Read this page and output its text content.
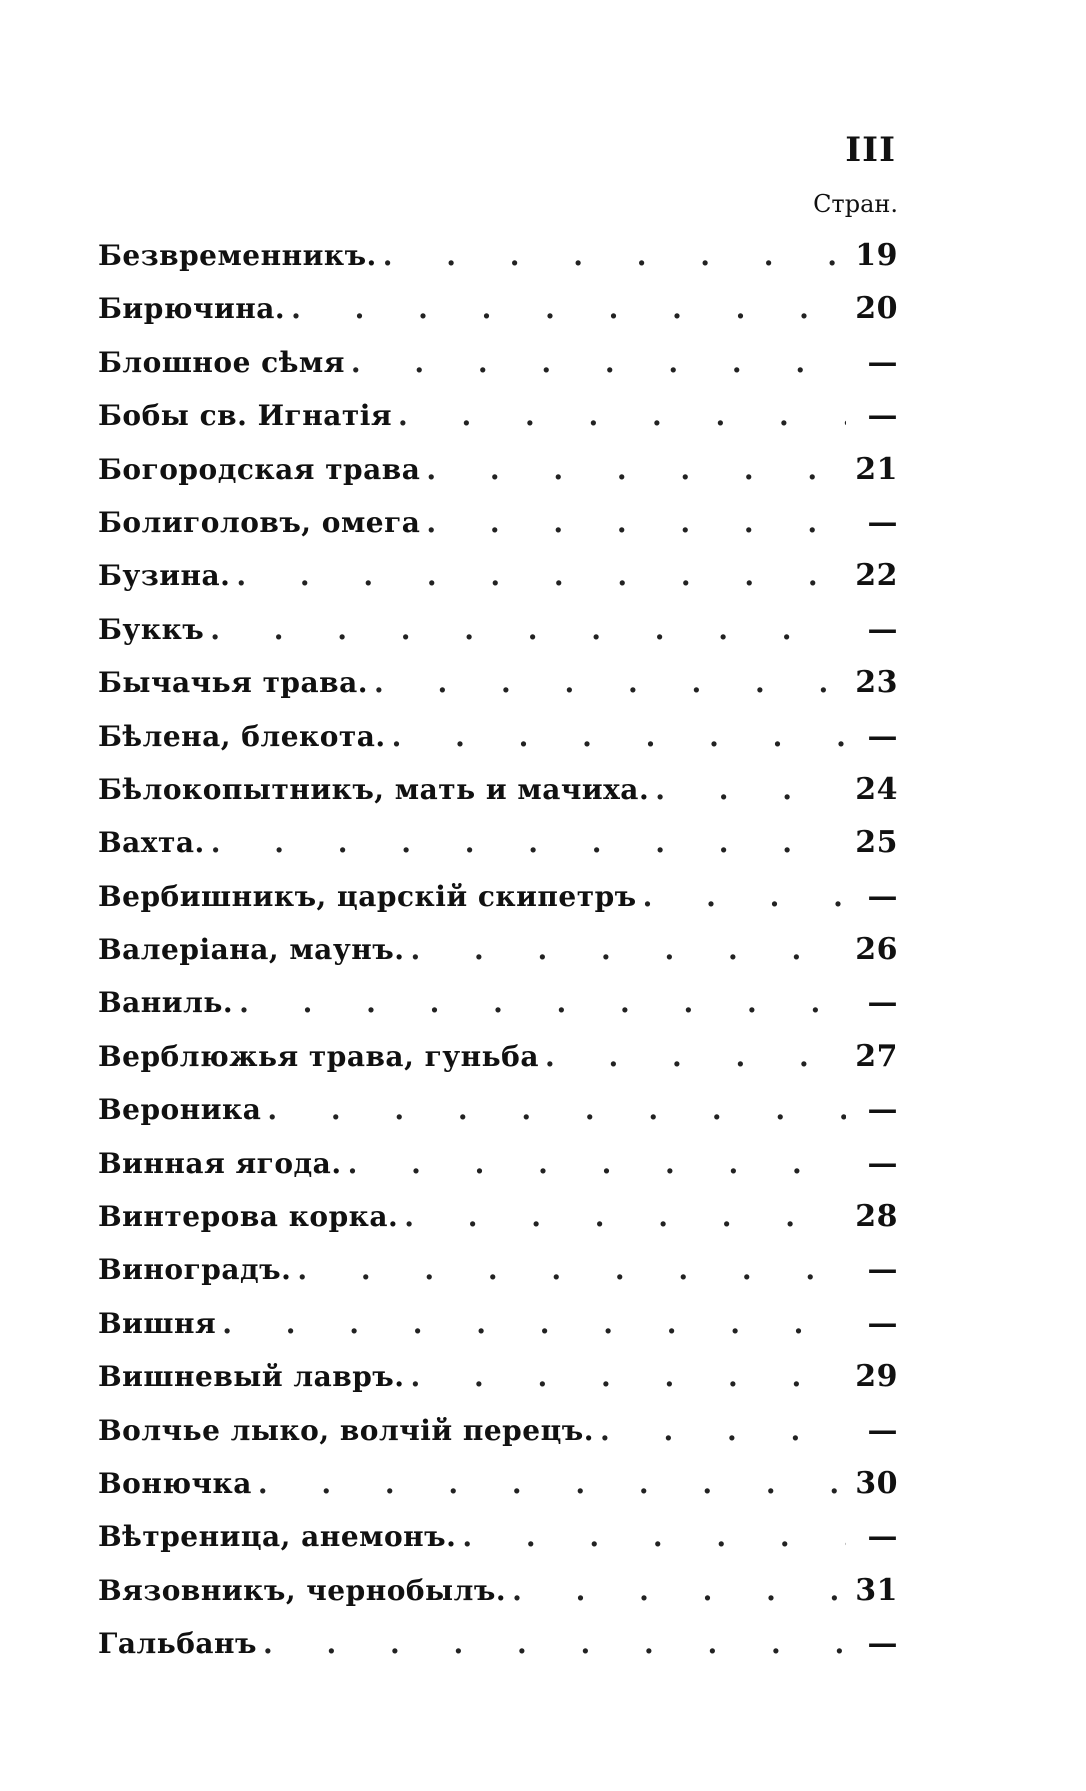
III
Стран.
Безвременникъ. . . .	19
Бирючина. . . .	20
Блошное сѣмя . . .	—
Бобы св. Игнатія . . .	—
Богородская трава . . .	21
Болиголовъ, омега . . .	—
Бузина. . . .	22
Буккъ . . .	—
Бычачья трава. . . .	23
Бѣлена, блекота. . . .	—
Бѣлокопытникъ, мать и мачиха. . . .	24
Вахта. . . .	25
Вербишникъ, царскій скипетръ . . .	—
Валеріана, маунъ. . . .	26
Ваниль. . . .	—
Верблюжья трава, гуньба . . .	27
Вероника . . .	—
Винная ягода. . . .	—
Винтерова корка. . . .	28
Виноградъ. . . .	—
Вишня . . .	—
Вишневый лавръ. . . .	29
Волчье лыко, волчій перецъ. . . .	—
Вонючка . . .	30
Вѣтреница, анемонъ. . . .	—
Вязовникъ, чернобылъ. . . .	31
Гальбанъ . . .	—
